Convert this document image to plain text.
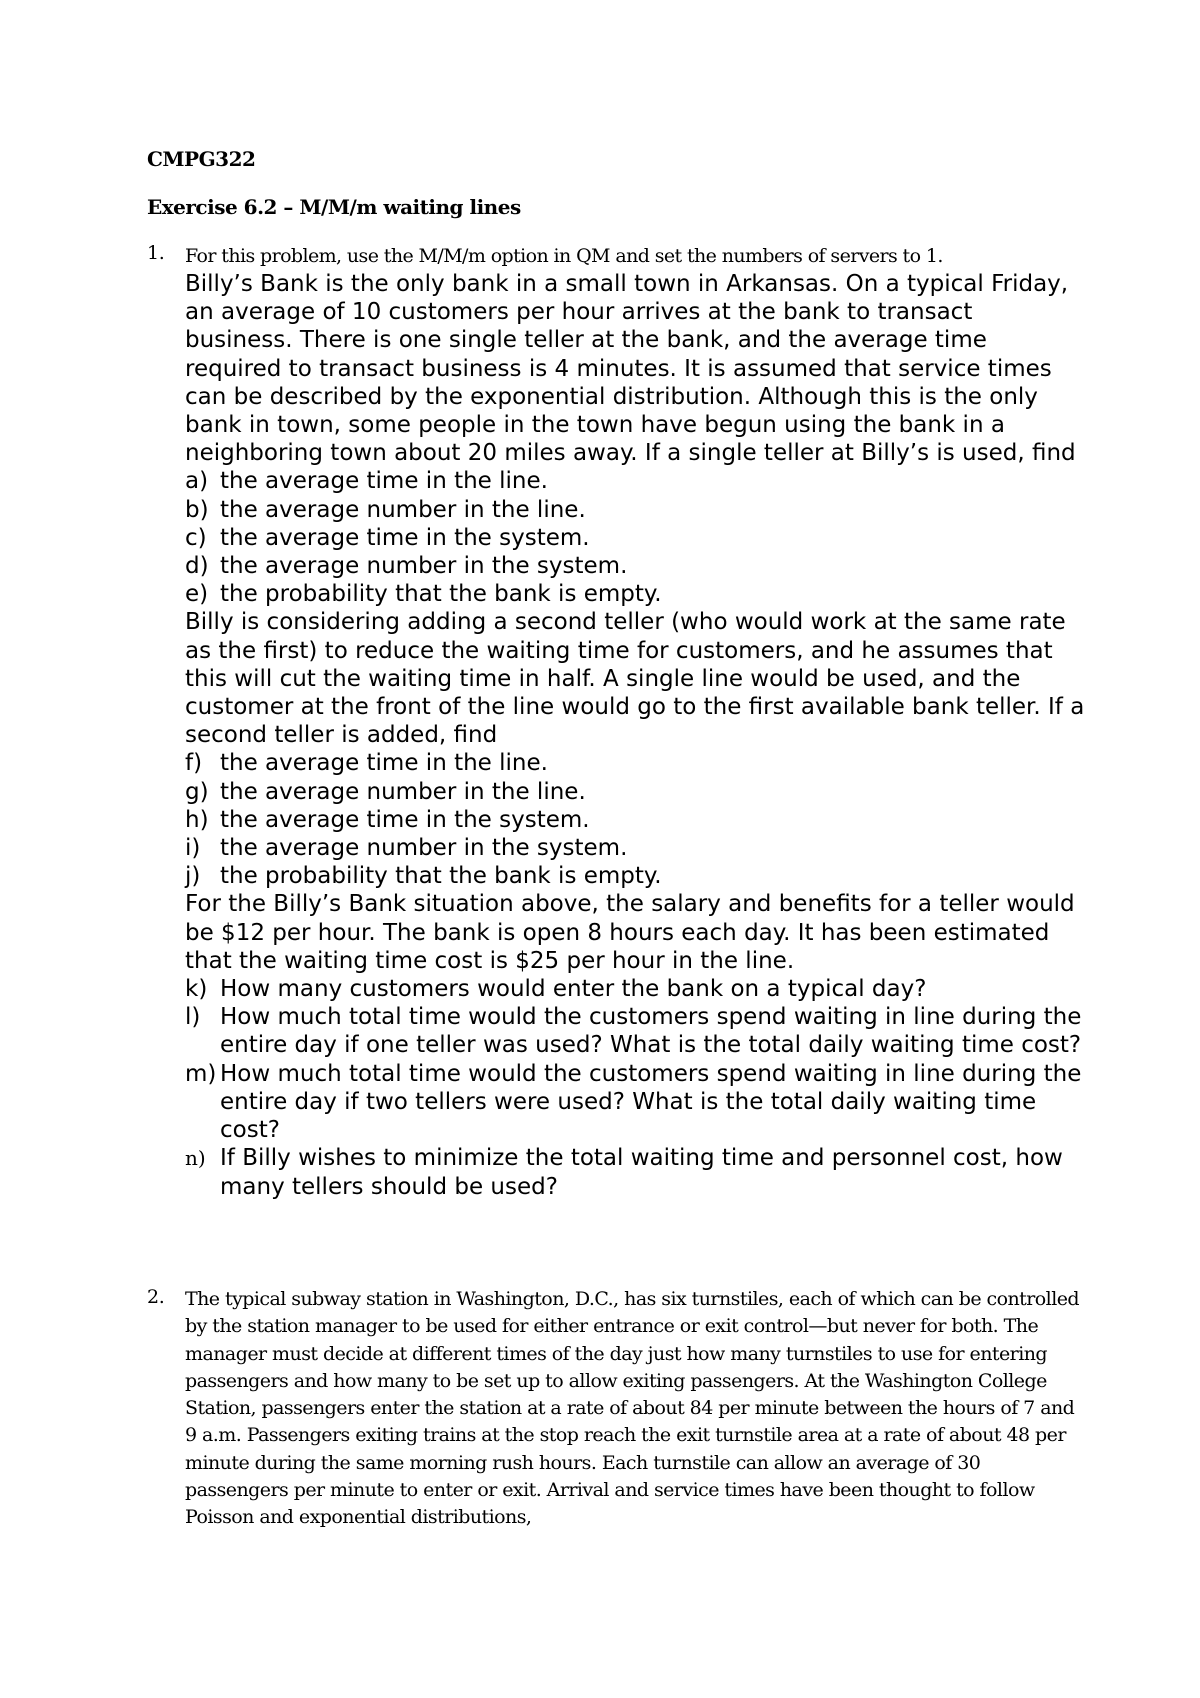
CMPG322
Exercise 6.2 – M/M/m waiting lines
1. For this problem, use the M/M/m option in QM and set the numbers of servers to 1.

Billy’s Bank is the only bank in a small town in Arkansas. On a typical Friday, an average of 10 customers per hour arrives at the bank to transact business. There is one single teller at the bank, and the average time required to transact business is 4 minutes. It is assumed that service times can be described by the exponential distribution. Although this is the only bank in town, some people in the town have begun using the bank in a neighboring town about 20 miles away. If a single teller at Billy’s is used, find

a) the average time in the line.
b) the average number in the line.
c) the average time in the system.
d) the average number in the system.
e) the probability that the bank is empty.

Billy is considering adding a second teller (who would work at the same rate as the first) to reduce the waiting time for customers, and he assumes that this will cut the waiting time in half. A single line would be used, and the customer at the front of the line would go to the first available bank teller. If a second teller is added, find

f) the average time in the line.
g) the average number in the line.
h) the average time in the system.
i) the average number in the system.
j) the probability that the bank is empty.

For the Billy’s Bank situation above, the salary and benefits for a teller would be $12 per hour. The bank is open 8 hours each day. It has been estimated that the waiting time cost is $25 per hour in the line.

k) How many customers would enter the bank on a typical day?
l) How much total time would the customers spend waiting in line during the entire day if one teller was used? What is the total daily waiting time cost?
m) How much total time would the customers spend waiting in line during the entire day if two tellers were used? What is the total daily waiting time cost?
n) If Billy wishes to minimize the total waiting time and personnel cost, how many tellers should be used?
2. The typical subway station in Washington, D.C., has six turnstiles, each of which can be controlled by the station manager to be used for either entrance or exit control—but never for both. The manager must decide at different times of the day just how many turnstiles to use for entering passengers and how many to be set up to allow exiting passengers. At the Washington College Station, passengers enter the station at a rate of about 84 per minute between the hours of 7 and 9 a.m. Passengers exiting trains at the stop reach the exit turnstile area at a rate of about 48 per minute during the same morning rush hours. Each turnstile can allow an average of 30 passengers per minute to enter or exit. Arrival and service times have been thought to follow Poisson and exponential distributions,
